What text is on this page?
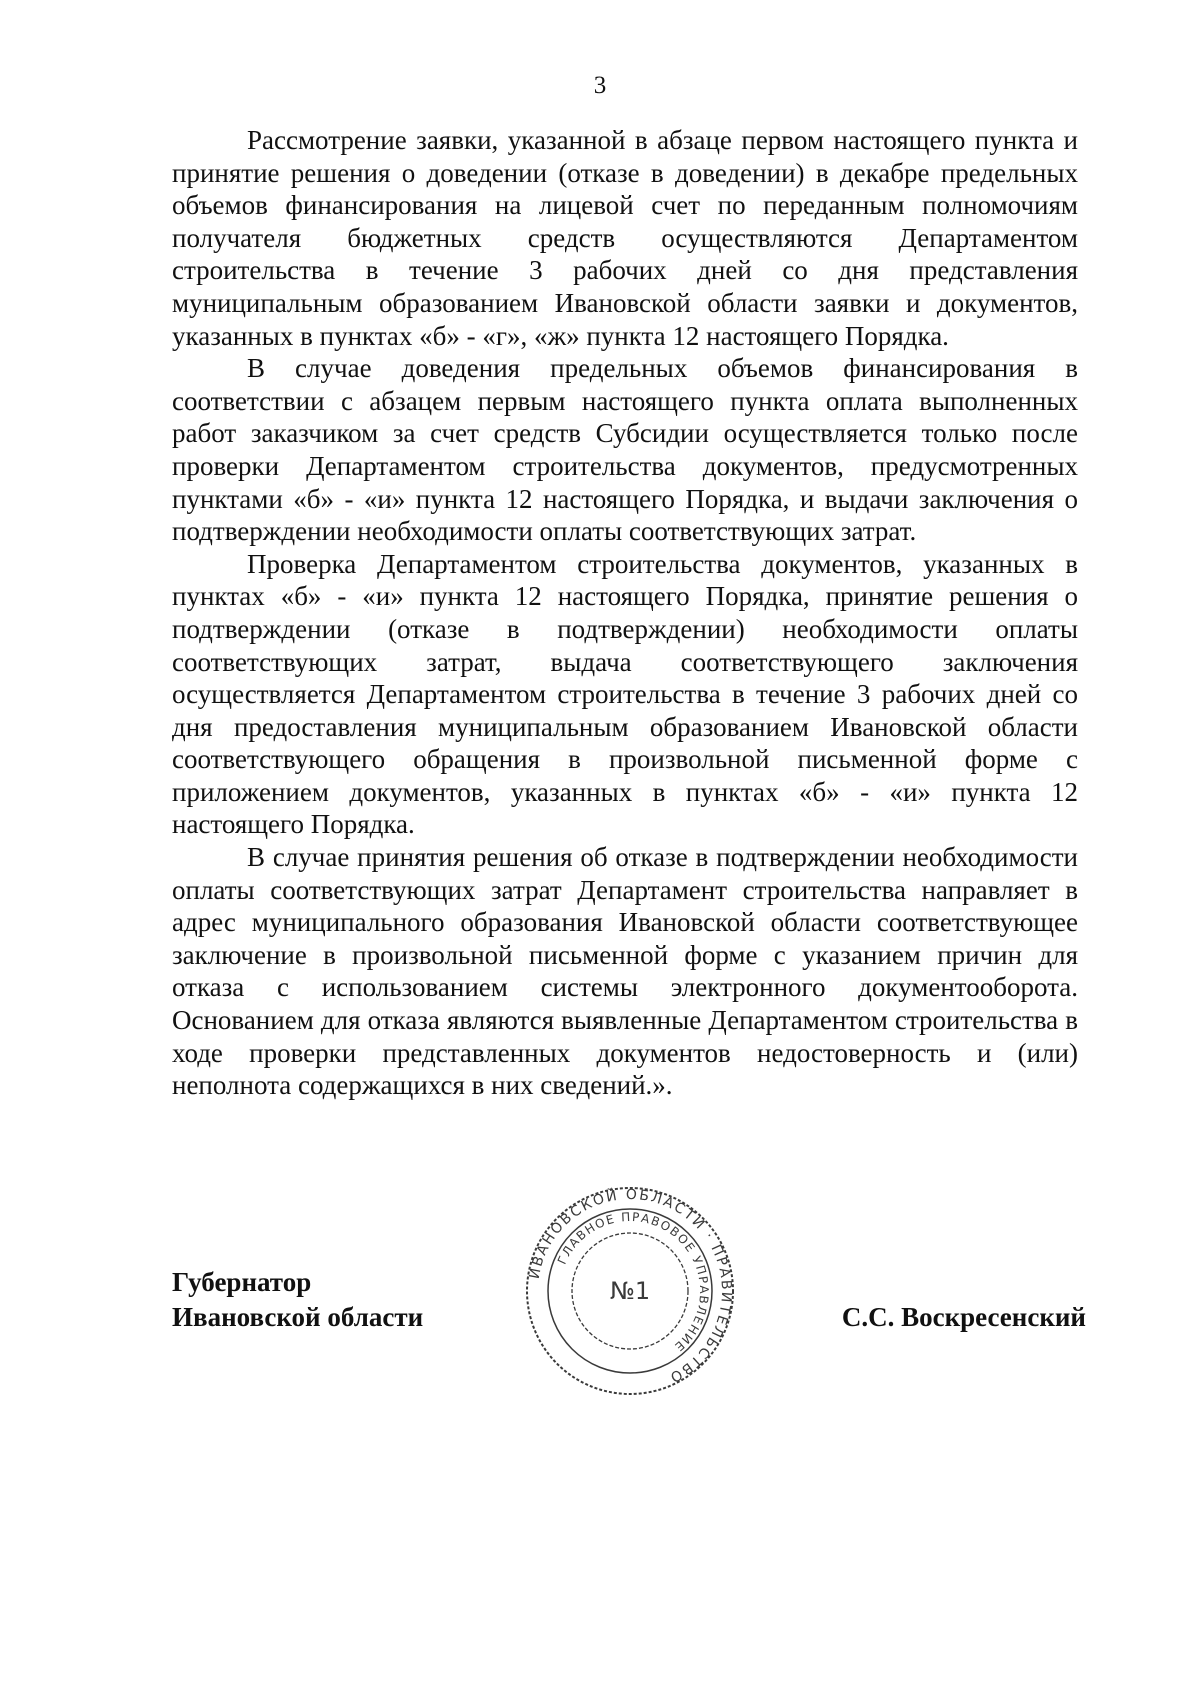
3

Рассмотрение заявки, указанной в абзаце первом настоящего пункта и принятие решения о доведении (отказе в доведении) в декабре предельных объемов финансирования на лицевой счет по переданным полномочиям получателя бюджетных средств осуществляются Департаментом строительства в течение 3 рабочих дней со дня представления муниципальным образованием Ивановской области заявки и документов, указанных в пунктах «б» - «г», «ж» пункта 12 настоящего Порядка.

В случае доведения предельных объемов финансирования в соответствии с абзацем первым настоящего пункта оплата выполненных работ заказчиком за счет средств Субсидии осуществляется только после проверки Департаментом строительства документов, предусмотренных пунктами «б» - «и» пункта 12 настоящего Порядка, и выдачи заключения о подтверждении необходимости оплаты соответствующих затрат.

Проверка Департаментом строительства документов, указанных в пунктах «б» - «и» пункта 12 настоящего Порядка, принятие решения о подтверждении (отказе в подтверждении) необходимости оплаты соответствующих затрат, выдача соответствующего заключения осуществляется Департаментом строительства в течение 3 рабочих дней со дня предоставления муниципальным образованием Ивановской области соответствующего обращения в произвольной письменной форме с приложением документов, указанных в пунктах «б» - «и» пункта 12 настоящего Порядка.

В случае принятия решения об отказе в подтверждении необходимости оплаты соответствующих затрат Департамент строительства направляет в адрес муниципального образования Ивановской области соответствующее заключение в произвольной письменной форме с указанием причин для отказа с использованием системы электронного документооборота. Основанием для отказа являются выявленные Департаментом строительства в ходе проверки представленных документов недостоверность и (или) неполнота содержащихся в них сведений.».

ИВАНОВСКОЙ ОБЛАСТИ · ПРАВИТЕЛЬСТВО
ГЛАВНОЕ ПРАВОВОЕ УПРАВЛЕНИЕ
№1
Губернатор
Ивановской области	С.С. Воскресенский
